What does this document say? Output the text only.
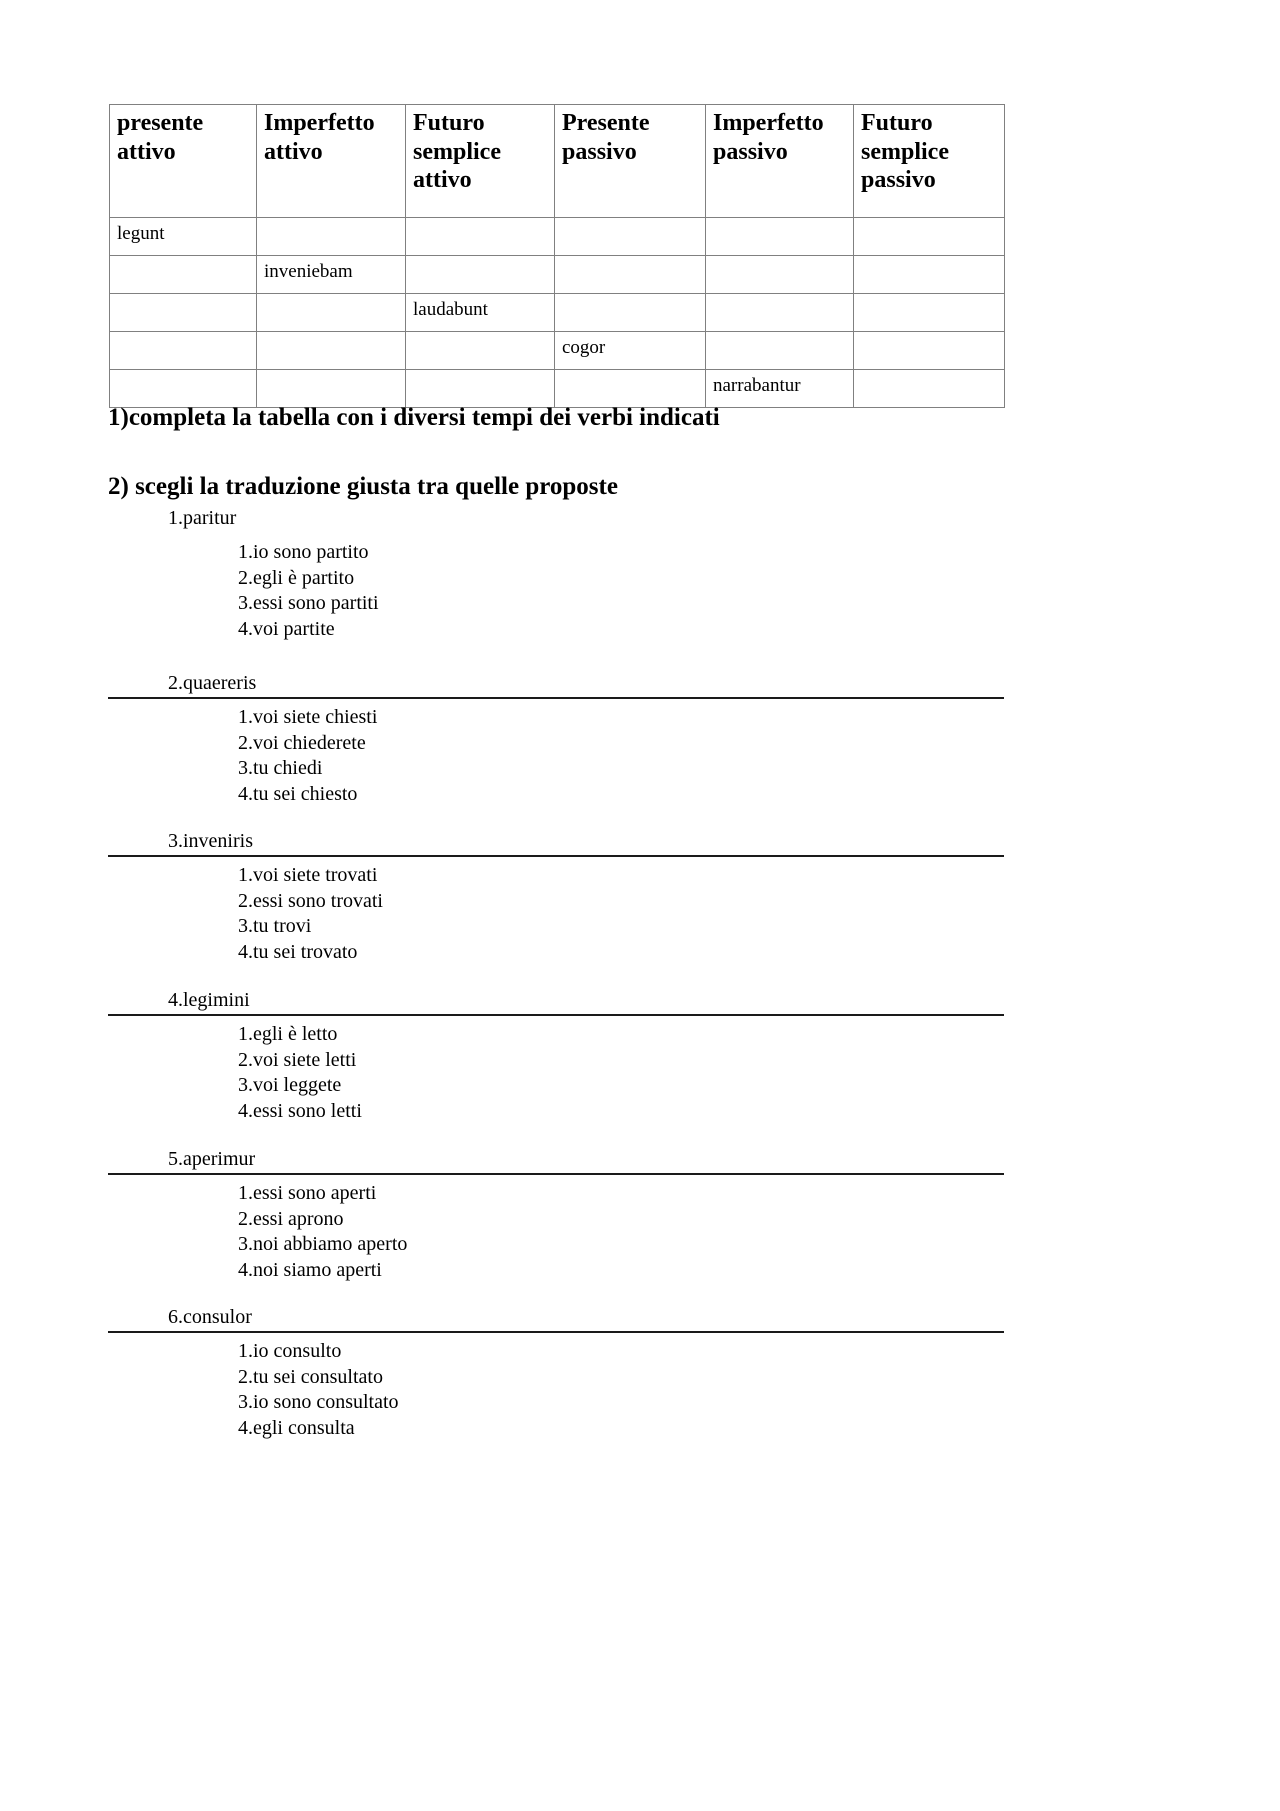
presente attivo	Imperfetto attivo	Futuro semplice attivo	Presente passivo	Imperfetto passivo	Futuro semplice passivo
legunt					
	inveniebam				
		laudabunt			
			cogor		
				narrabantur	
1)completa la tabella con i diversi tempi dei verbi indicati
2) scegli la traduzione giusta tra quelle proposte
1.paritur
1.io sono partito
2.egli è partito
3.essi sono partiti
4.voi partite
2.quaereris
1.voi siete chiesti
2.voi chiederete
3.tu chiedi
4.tu sei chiesto
3.inveniris
1.voi siete trovati
2.essi sono trovati
3.tu trovi
4.tu sei trovato
4.legimini
1.egli è letto
2.voi siete letti
3.voi leggete
4.essi sono letti
5.aperimur
1.essi sono aperti
2.essi aprono
3.noi abbiamo aperto
4.noi siamo aperti
6.consulor
1.io consulto
2.tu sei consultato
3.io sono consultato
4.egli consulta
